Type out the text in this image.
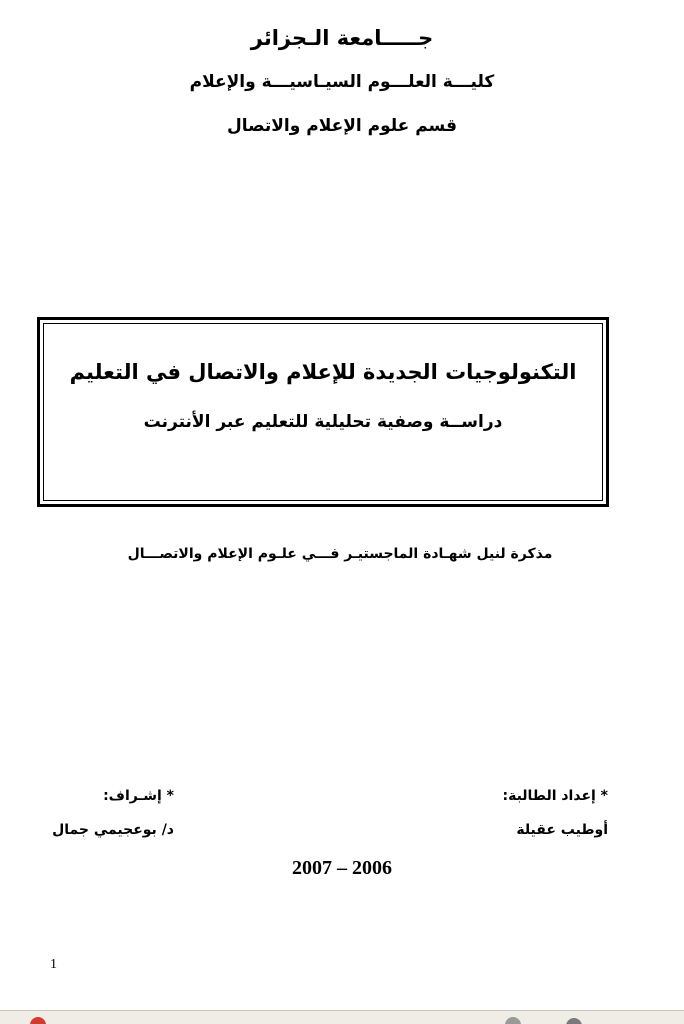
جـــــامعة الـجزائر
كليـــة العلـــوم السيـاسيـــة والإعلام
قسم علوم الإعلام والاتصال
التكنولوجيات الجديدة للإعلام والاتصال في التعليم
دراســة وصفية تحليلية للتعليم عبر الأنترنت
مذكرة لنيل شهـادة الماجستيـر فـــي علـوم الإعلام والاتصـــال
* إعداد الطالبة:
أوطيب عقيلة
* إشـراف:
د/ بوعجيمي جمال
2007 – 2006
1
